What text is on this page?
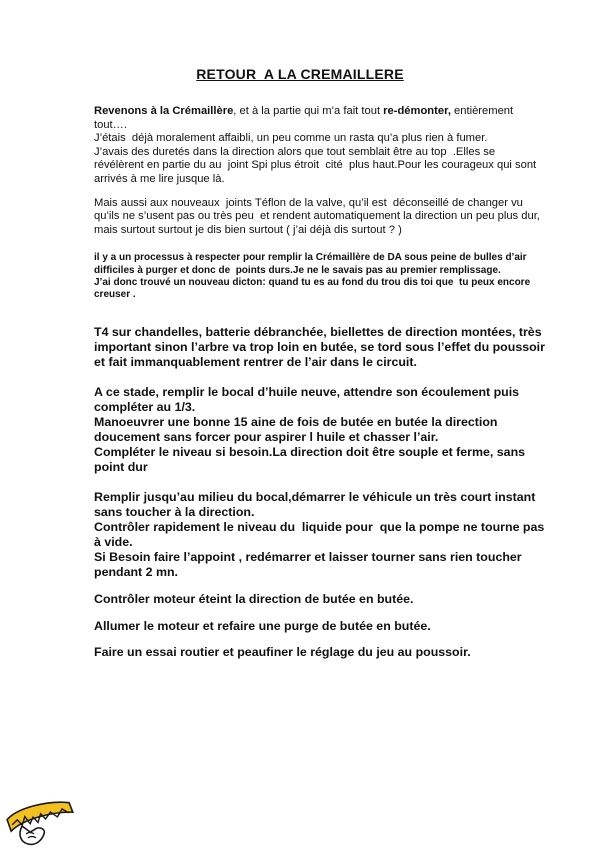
RETOUR  A LA CREMAILLERE
Revenons à la Crémaillère, et à la partie qui m’a fait tout re-démonter, entièrement
tout….
J’étais  déjà moralement affaibli, un peu comme un rasta qu’a plus rien à fumer.
J’avais des duretés dans la direction alors que tout semblait être au top  .Elles se
révélèrent en partie du au  joint Spi plus étroit  cité  plus haut.Pour les courageux qui sont
arrivés à me lire jusque là.
Mais aussi aux nouveaux  joints Téflon de la valve, qu’il est  déconseillé de changer vu
qu’ils ne s’usent pas ou très peu  et rendent automatiquement la direction un peu plus dur,
mais surtout surtout je dis bien surtout ( j’ai déjà dis surtout ? )
il y a un processus à respecter pour remplir la Crémaillère de DA sous peine de bulles d’air
difficiles à purger et donc de  points durs.Je ne le savais pas au premier remplissage.
J’ai donc trouvé un nouveau dicton: quand tu es au fond du trou dis toi que  tu peux encore
creuser .
T4 sur chandelles, batterie débranchée, biellettes de direction montées, très
important sinon l’arbre va trop loin en butée, se tord sous l’effet du poussoir
et fait immanquablement rentrer de l’air dans le circuit.
A ce stade, remplir le bocal d’huile neuve, attendre son écoulement puis
compléter au 1/3.
Manoeuvrer une bonne 15 aine de fois de butée en butée la direction
doucement sans forcer pour aspirer l huile et chasser l’air.
Compléter le niveau si besoin.La direction doit être souple et ferme, sans
point dur
Remplir jusqu’au milieu du bocal,démarrer le véhicule un très court instant
sans toucher à la direction.
Contrôler rapidement le niveau du  liquide pour  que la pompe ne tourne pas
à vide.
Si Besoin faire l’appoint , redémarrer et laisser tourner sans rien toucher
pendant 2 mn.
Contrôler moteur éteint la direction de butée en butée.
Allumer le moteur et refaire une purge de butée en butée.
Faire un essai routier et peaufiner le réglage du jeu au poussoir.
